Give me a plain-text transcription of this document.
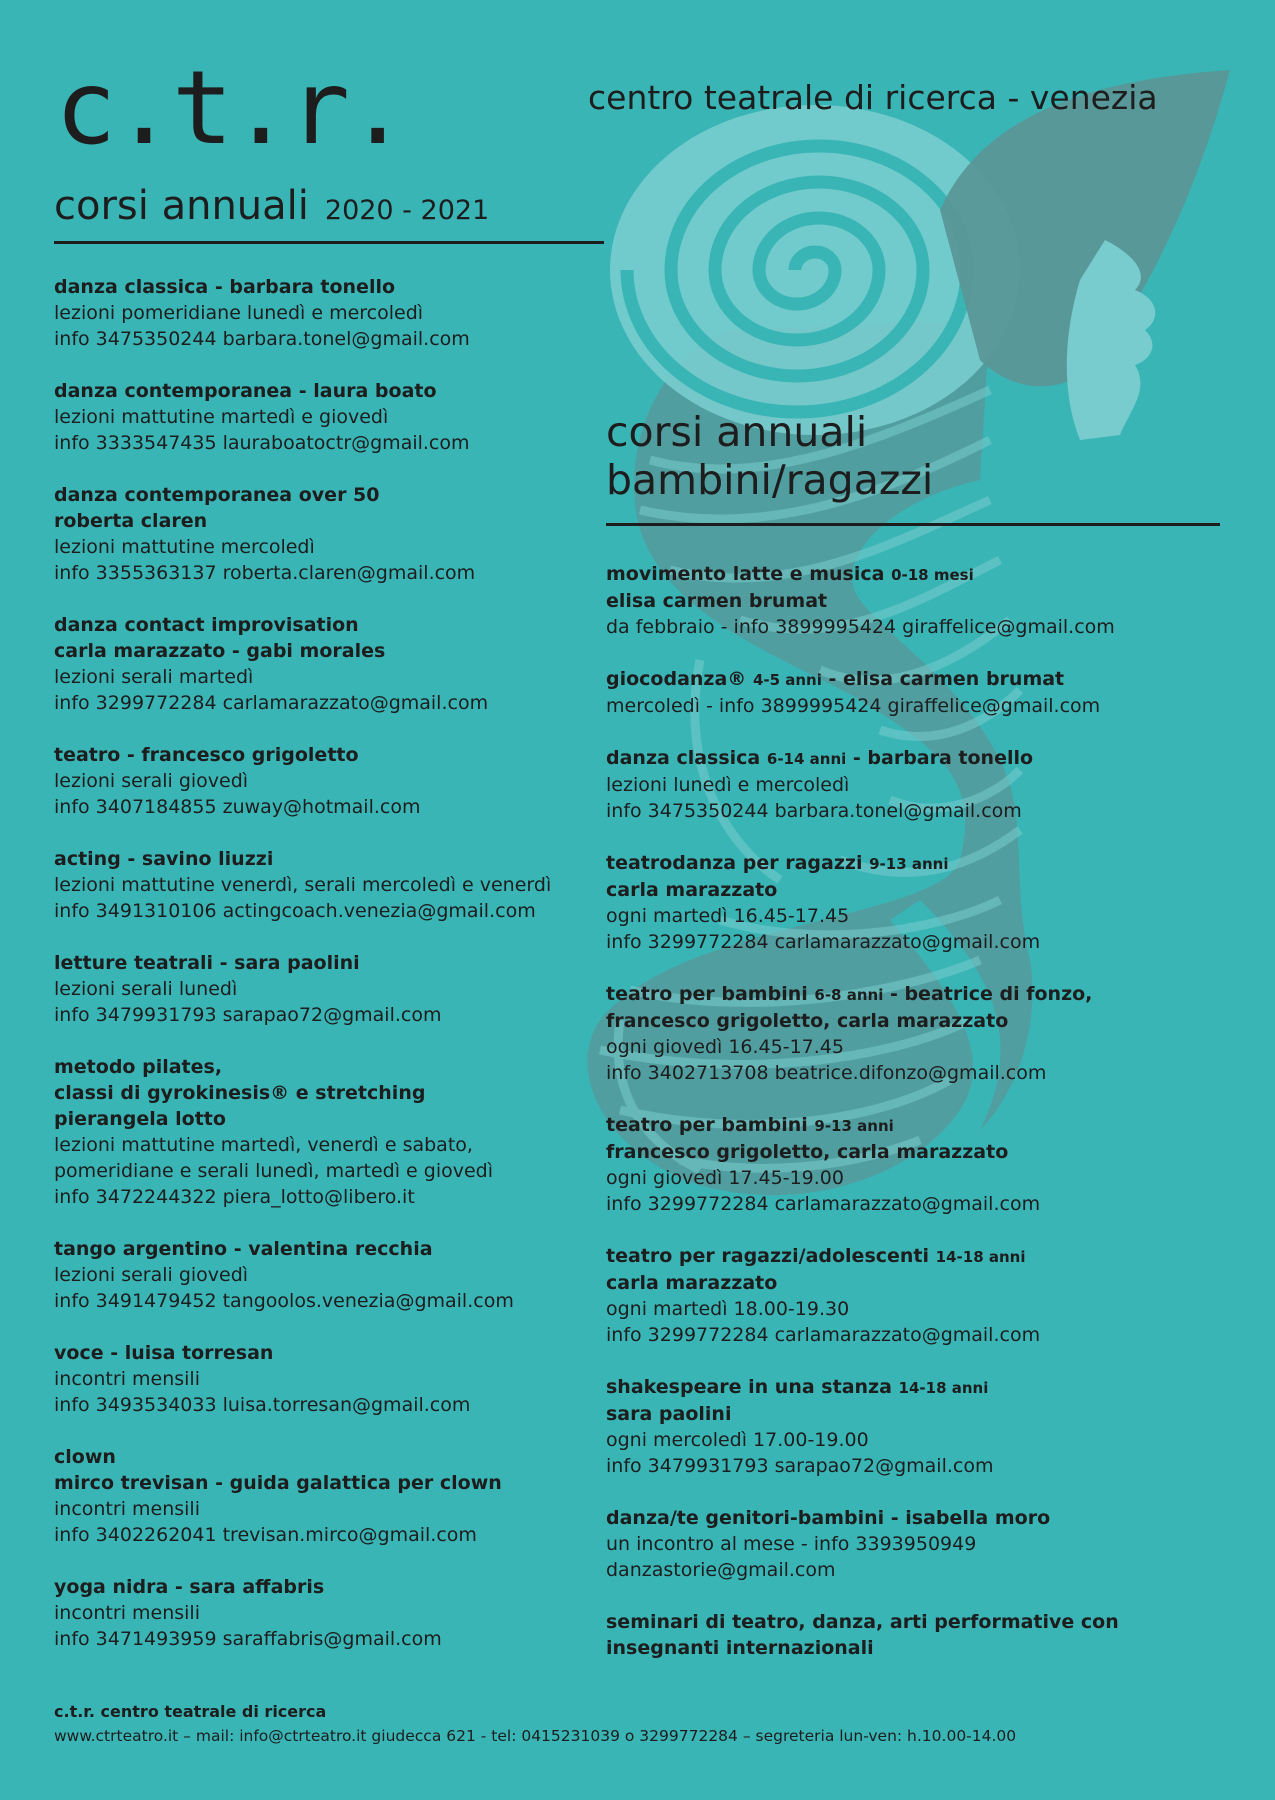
c.t.r.	centro teatrale di ricerca - venezia
corsi annuali 2020 - 2021
corsi annuali
bambini/ragazzi
danza classica - barbara tonello
lezioni pomeridiane lunedì e mercoledì
info 3475350244 barbara.tonel@gmail.com
danza contemporanea - laura boato
lezioni mattutine martedì e giovedì
info 3333547435 lauraboatoctr@gmail.com
danza contemporanea over 50
roberta claren
lezioni mattutine mercoledì
info 3355363137 roberta.claren@gmail.com
danza contact improvisation
carla marazzato - gabi morales
lezioni serali martedì
info 3299772284 carlamarazzato@gmail.com
teatro - francesco grigoletto
lezioni serali giovedì
info 3407184855 zuway@hotmail.com
acting - savino liuzzi
lezioni mattutine venerdì, serali mercoledì e venerdì
info 3491310106 actingcoach.venezia@gmail.com
letture teatrali - sara paolini
lezioni serali lunedì
info 3479931793 sarapao72@gmail.com
metodo pilates,
classi di gyrokinesis® e stretching
pierangela lotto
lezioni mattutine martedì, venerdì e sabato,
pomeridiane e serali lunedì, martedì e giovedì
info 3472244322 piera_lotto@libero.it
tango argentino - valentina recchia
lezioni serali giovedì
info 3491479452 tangoolos.venezia@gmail.com
voce - luisa torresan
incontri mensili
info 3493534033 luisa.torresan@gmail.com
clown
mirco trevisan - guida galattica per clown
incontri mensili
info 3402262041 trevisan.mirco@gmail.com
yoga nidra - sara affabris
incontri mensili
info 3471493959 saraffabris@gmail.com
movimento latte e musica 0-18 mesi
elisa carmen brumat
da febbraio - info 3899995424 giraffelice@gmail.com
giocodanza® 4-5 anni - elisa carmen brumat
mercoledì - info 3899995424 giraffelice@gmail.com
danza classica 6-14 anni - barbara tonello
lezioni lunedì e mercoledì
info 3475350244 barbara.tonel@gmail.com
teatrodanza per ragazzi 9-13 anni
carla marazzato
ogni martedì 16.45-17.45
info 3299772284 carlamarazzato@gmail.com
teatro per bambini 6-8 anni - beatrice di fonzo,
francesco grigoletto, carla marazzato
ogni giovedì 16.45-17.45
info 3402713708 beatrice.difonzo@gmail.com
teatro per bambini 9-13 anni
francesco grigoletto, carla marazzato
ogni giovedì 17.45-19.00
info 3299772284 carlamarazzato@gmail.com
teatro per ragazzi/adolescenti 14-18 anni
carla marazzato
ogni martedì 18.00-19.30
info 3299772284 carlamarazzato@gmail.com
shakespeare in una stanza 14-18 anni
sara paolini
ogni mercoledì 17.00-19.00
info 3479931793 sarapao72@gmail.com
danza/te genitori-bambini - isabella moro
un incontro al mese - info 3393950949
danzastorie@gmail.com
seminari di teatro, danza, arti performative con
insegnanti internazionali
c.t.r. centro teatrale di ricerca
www.ctrteatro.it – mail: info@ctrteatro.it giudecca 621 - tel: 0415231039 o 3299772284 – segreteria lun-ven: h.10.00-14.00
